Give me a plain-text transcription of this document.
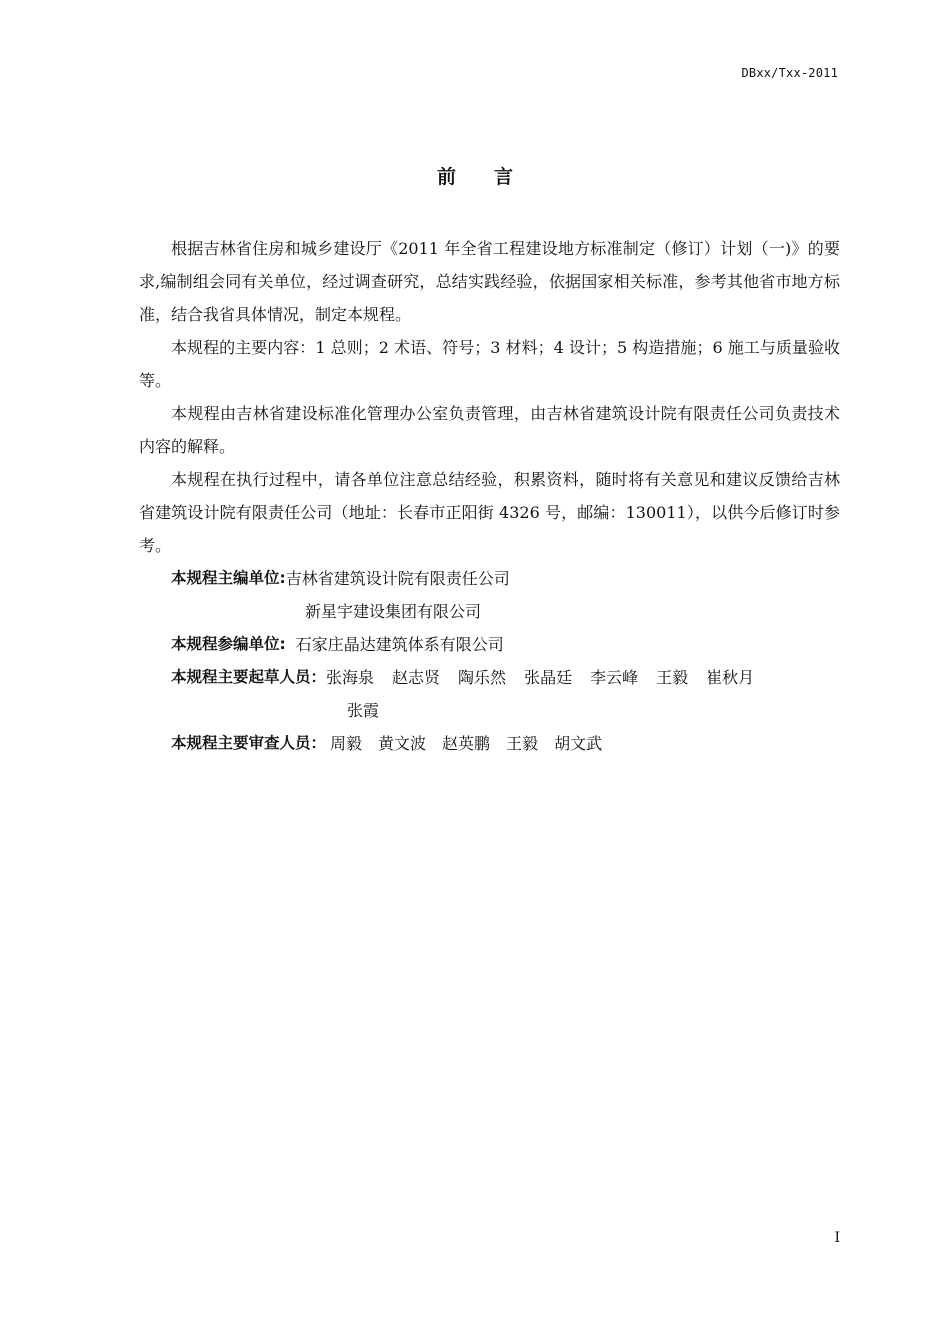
DBxx/Txx-2011
前 言

根据吉林省住房和城乡建设厅《2011 年全省工程建设地方标准制定（修订）计划（一)》的要求,编制组会同有关单位，经过调查研究，总结实践经验，依据国家相关标准，参考其他省市地方标准，结合我省具体情况，制定本规程。

本规程的主要内容：1 总则；2 术语、符号；3 材料；4 设计；5 构造措施；6 施工与质量验收等。

本规程由吉林省建设标准化管理办公室负责管理，由吉林省建筑设计院有限责任公司负责技术内容的解释。

本规程在执行过程中，请各单位注意总结经验，积累资料，随时将有关意见和建议反馈给吉林省建筑设计院有限责任公司（地址：长春市正阳街 4326 号，邮编：130011），以供今后修订时参考。

本规程主编单位: 吉林省建筑设计院有限责任公司
新星宇建设集团有限公司
本规程参编单位: 石家庄晶达建筑体系有限公司
本规程主要起草人员： 张海泉 赵志贤 陶乐然 张晶廷 李云峰 王毅 崔秋月
张霞
本规程主要审查人员： 周毅 黄文波 赵英鹏 王毅 胡文武
I
